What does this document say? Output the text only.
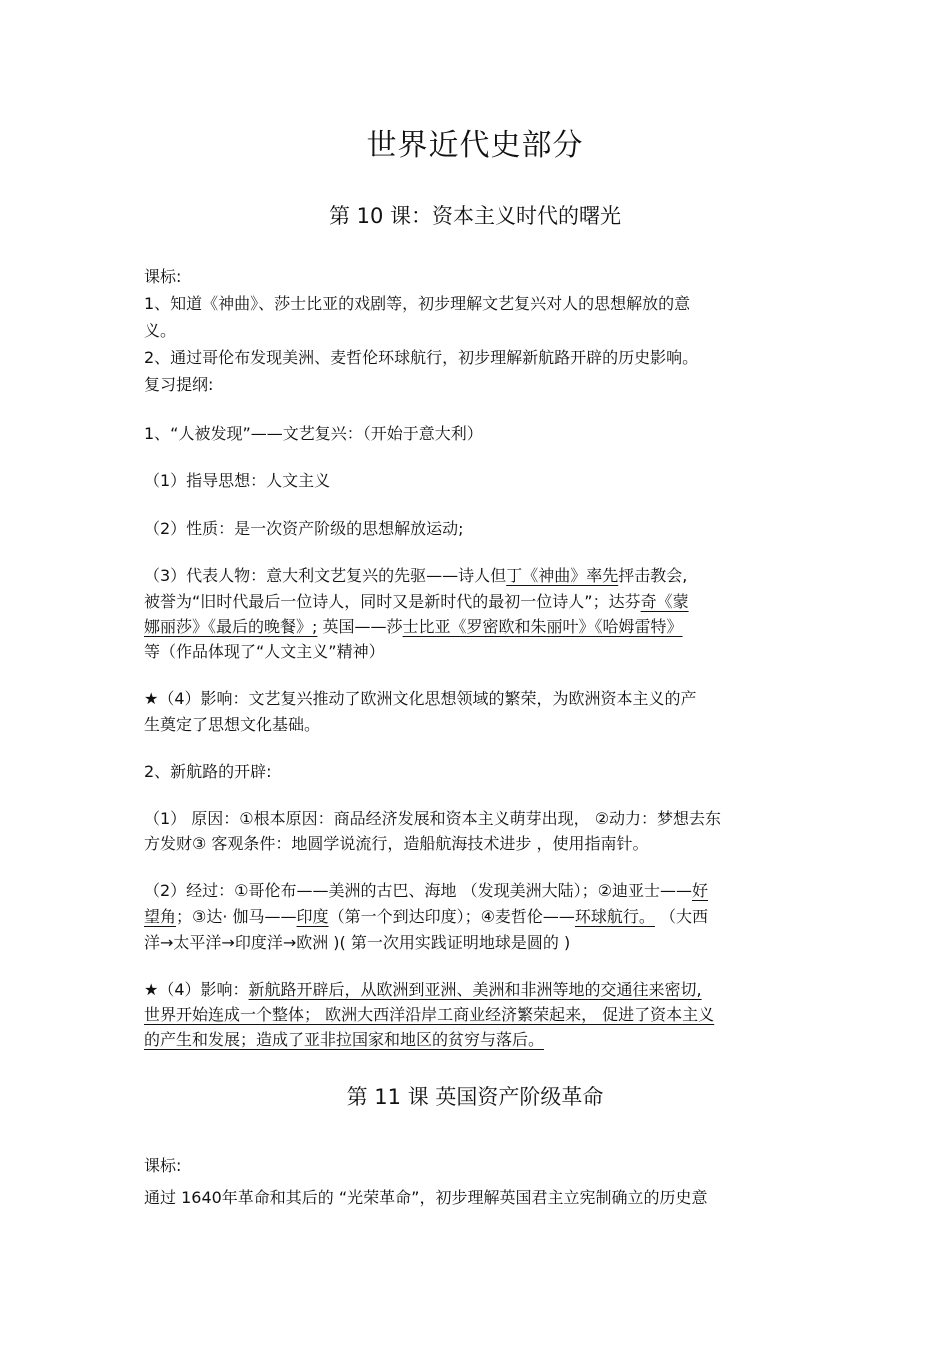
世界近代史部分
第 10 课：资本主义时代的曙光
课标:
1、知道《神曲》、莎士比亚的戏剧等，初步理解文艺复兴对人的思想解放的意
义。
2、通过哥伦布发现美洲、麦哲伦环球航行，初步理解新航路开辟的历史影响。
复习提纲:
1、“人被发现”——文艺复兴：（开始于意大利）
（1）指导思想：人文主义
（2）性质：是一次资产阶级的思想解放运动;
（3）代表人物：意大利文艺复兴的先驱——诗人但丁《神曲》率先抨击教会,
被誉为“旧时代最后一位诗人，同时又是新时代的最初一位诗人”；达芬奇《蒙
娜丽莎》《最后的晚餐》; 英国——莎士比亚《罗密欧和朱丽叶》《哈姆雷特》
等（作品体现了“人文主义”精神）
★（4）影响：文艺复兴推动了欧洲文化思想领域的繁荣，为欧洲资本主义的产
生奠定了思想文化基础。
2、新航路的开辟:
（1） 原因：①根本原因：商品经济发展和资本主义萌芽出现， ②动力：梦想去东
方发财③ 客观条件：地圆学说流行，造船航海技术进步 ，使用指南针。
（2）经过：①哥伦布——美洲的古巴、海地 （发现美洲大陆）；②迪亚士——好
望角；③达· 伽马——印度（第一个到达印度）；④麦哲伦——环球航行。 （大西
洋→太平洋→印度洋→欧洲 )( 第一次用实践证明地球是圆的 )
★（4）影响：新航路开辟后，从欧洲到亚洲、美洲和非洲等地的交通往来密切,
世界开始连成一个整体； 欧洲大西洋沿岸工商业经济繁荣起来， 促进了资本主义
的产生和发展；造成了亚非拉国家和地区的贫穷与落后。
第 11 课 英国资产阶级革命
课标:
通过 1640年革命和其后的 “光荣革命”，初步理解英国君主立宪制确立的历史意
